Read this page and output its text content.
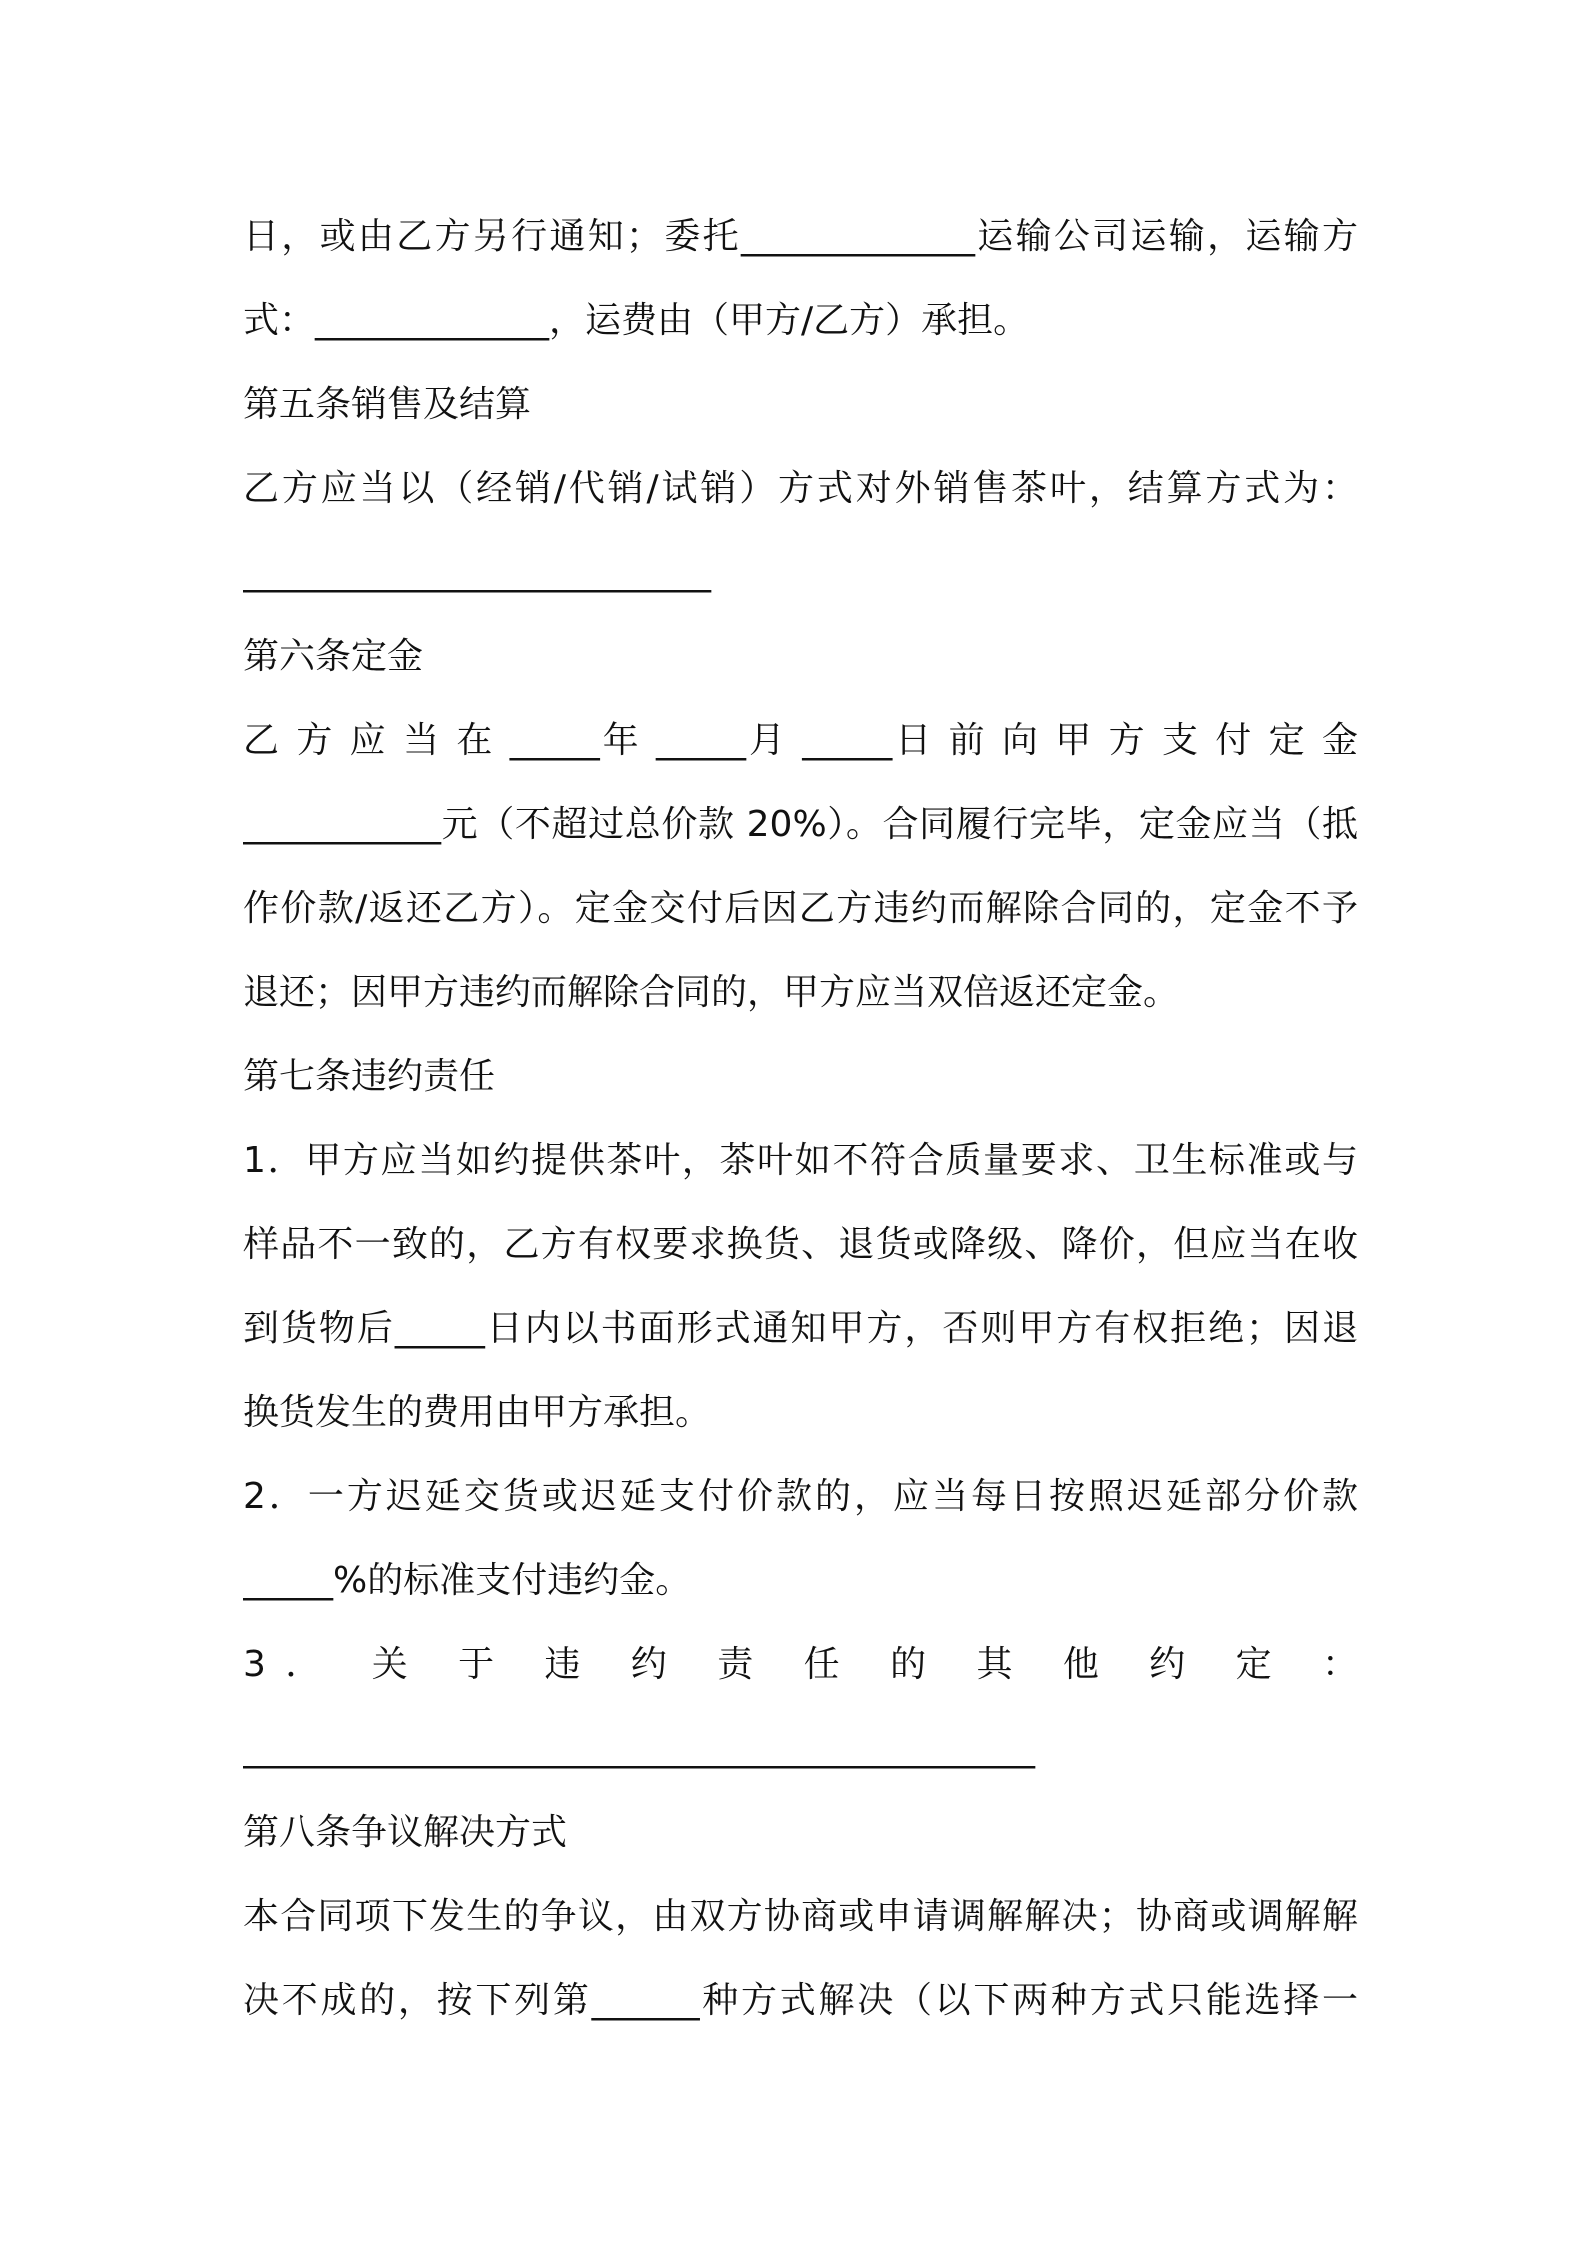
日，或由乙方另行通知；委托_____________运输公司运输，运输方
式：_____________，运费由（甲方/乙方）承担。
第五条销售及结算
乙方应当以（经销/代销/试销）方式对外销售茶叶，结算方式为：
__________________________
第六条定金
乙 方 应 当 在 _____年 _____月 _____日 前 向 甲 方 支 付 定 金
___________元（不超过总价款 20%）。合同履行完毕，定金应当（抵
作价款/返还乙方）。定金交付后因乙方违约而解除合同的，定金不予
退还；因甲方违约而解除合同的，甲方应当双倍返还定金。
第七条违约责任
1．甲方应当如约提供茶叶，茶叶如不符合质量要求、卫生标准或与
样品不一致的，乙方有权要求换货、退货或降级、降价，但应当在收
到货物后_____日内以书面形式通知甲方，否则甲方有权拒绝；因退
换货发生的费用由甲方承担。
2．一方迟延交货或迟延支付价款的，应当每日按照迟延部分价款
_____%的标准支付违约金。
3． 关 于 违 约 责 任 的 其 他 约 定 ：
____________________________________________
第八条争议解决方式
本合同项下发生的争议，由双方协商或申请调解解决；协商或调解解
决不成的，按下列第______种方式解决（以下两种方式只能选择一
